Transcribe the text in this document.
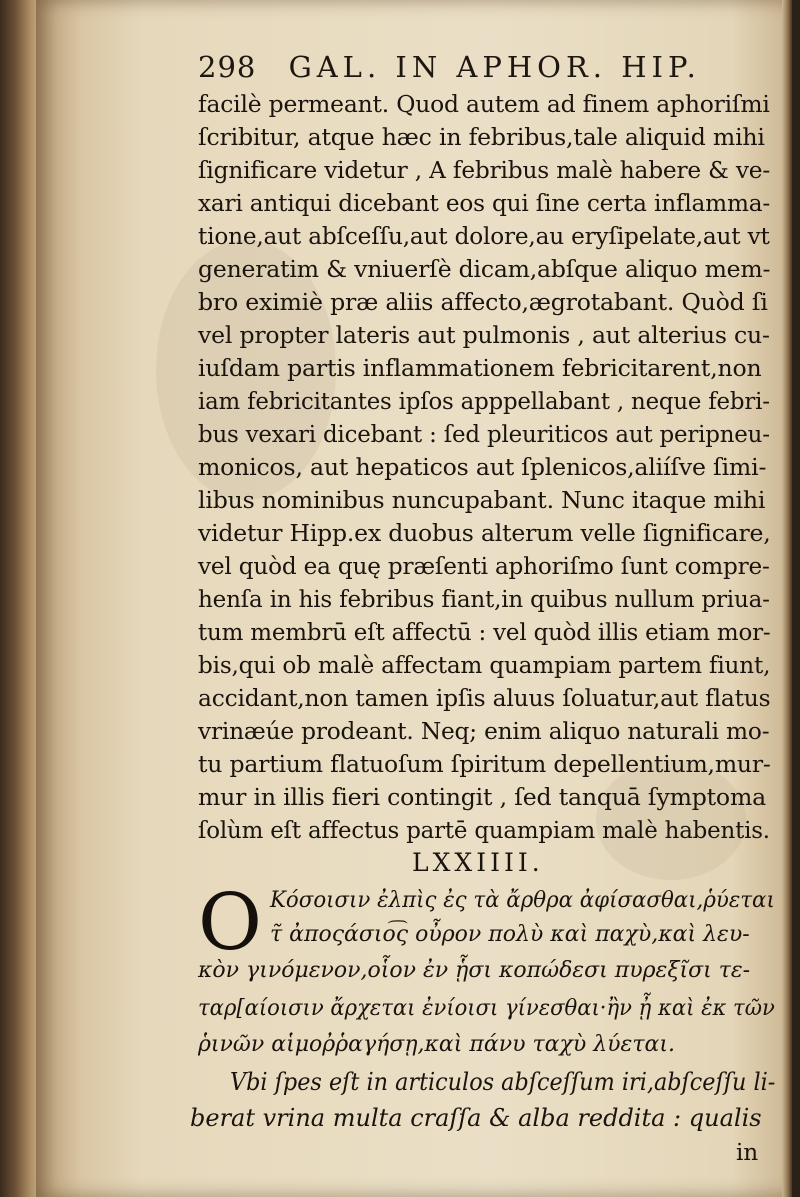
298 GAL. IN APHOR. HIP.
facilè permeant. Quod autem ad finem aphoriſmi
ſcribitur, atque hæc in febribus,tale aliquid mihi
ſignificare videtur , A febribus malè habere & ve-
xari antiqui dicebant eos qui ſine certa inflamma-
tione,aut abſceſſu,aut dolore,au eryſipelate,aut vt
generatim & vniuerſè dicam,abſque aliquo mem-
bro eximiè præ aliis affecto,ægrotabant. Quòd ſi
vel propter lateris aut pulmonis , aut alterius cu-
iuſdam partis inflammationem febricitarent,non
iam febricitantes ipſos apppellabant , neque febri-
bus vexari dicebant : ſed pleuriticos aut peripneu-
monicos, aut hepaticos aut ſplenicos,aliíſve ſimi-
libus nominibus nuncupabant. Nunc itaque mihi
videtur Hipp.ex duobus alterum velle ſignificare,
vel quòd ea quę præſenti aphoriſmo ſunt compre-
henſa in his febribus fiant,in quibus nullum priua-
tum membrū eſt affectū : vel quòd illis etiam mor-
bis,qui ob malè affectam quampiam partem fiunt,
accidant,non tamen ipſis aluus ſoluatur,aut flatus
vrinæúe prodeant. Neq; enim aliquo naturali mo-
tu partium flatuoſum ſpiritum depellentium,mur-
mur in illis fieri contingit , ſed tanquā ſymptoma
ſolùm eſt affectus partē quampiam malè habentis.
LXXIIII.
O Κόσοισιν ἐλπὶς ἐς τὰ ἄρθρα ἀφίσασθαι,ῥύεται
τ̃ ἀποςάσιο͡ς οὖρον πολὺ καὶ παχὺ,καὶ λευ-
κὸν γινόμενον,οἷον ἐν ᾗσι κοπώδεσι πυρεξῖσι τε-
ταρ[αίοισιν ἄρχεται ἐνίοισι γίνεσθαι·ἢν ᾖ καὶ ἐκ τῶν
ῥινῶν αἱμοῤῥαγήσῃ,καὶ πάνυ ταχὺ λύεται.
Vbi ſpes eſt in articulos abſceſſum iri,abſceſſu li-
berat vrina multa craſſa & alba reddita : qualis
in
